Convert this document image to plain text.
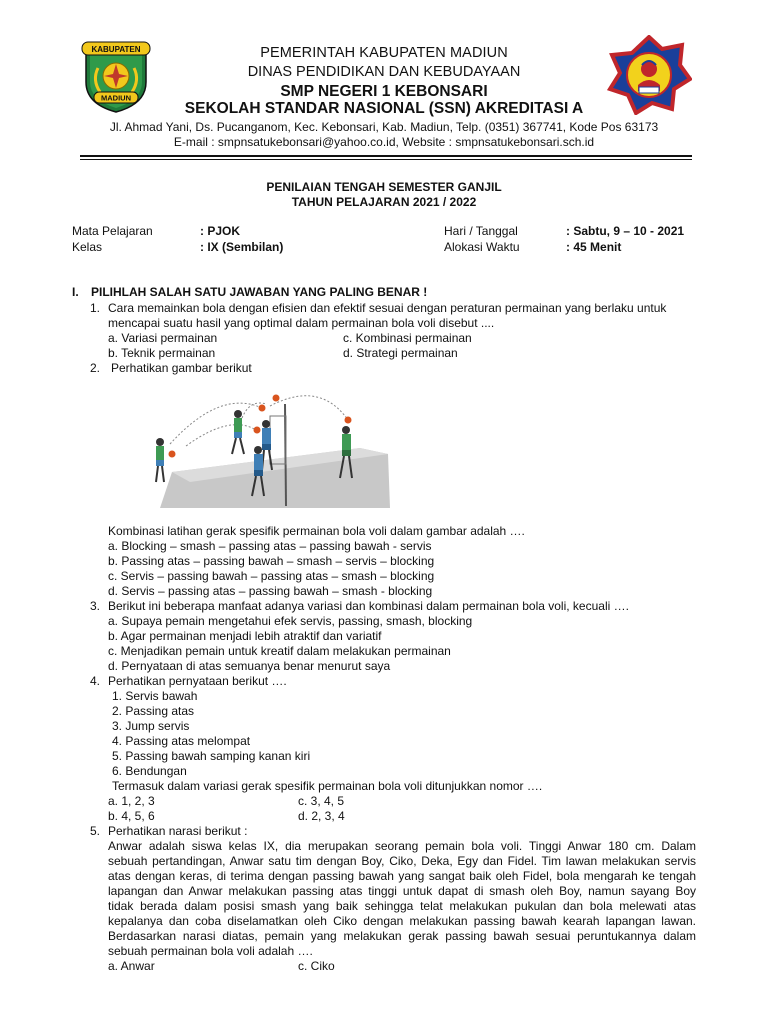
KABUPATEN
MADIUN
PEMERINTAH KABUPATEN MADIUN
DINAS PENDIDIKAN DAN KEBUDAYAAN
SMP NEGERI 1 KEBONSARI
SEKOLAH STANDAR NASIONAL (SSN) AKREDITASI A
Jl. Ahmad Yani, Ds. Pucanganom, Kec. Kebonsari, Kab. Madiun, Telp. (0351) 367741, Kode Pos 63173
E-mail : smpnsatukebonsari@yahoo.co.id, Website : smpnsatukebonsari.sch.id
PENILAIAN TENGAH SEMESTER GANJIL
TAHUN PELAJARAN 2021 / 2022
Mata Pelajaran	: PJOK
Kelas	: IX (Sembilan)
Hari / Tanggal	: Sabtu, 9 – 10 - 2021
Alokasi Waktu	: 45 Menit
I. PILIHLAH SALAH SATU JAWABAN YANG PALING BENAR !
1. Cara memainkan bola dengan efisien dan efektif sesuai dengan peraturan permainan yang berlaku untuk
mencapai suatu hasil yang optimal dalam permainan bola voli disebut ....
a. Variasi permainan	c. Kombinasi permainan
b. Teknik permainan	d. Strategi permainan
2. Perhatikan gambar berikut
Kombinasi latihan gerak spesifik permainan bola voli dalam gambar adalah ….
a. Blocking – smash – passing atas – passing bawah - servis
b. Passing atas – passing bawah – smash – servis – blocking
c. Servis – passing bawah – passing atas – smash – blocking
d. Servis – passing atas – passing bawah – smash - blocking
3. Berikut ini beberapa manfaat adanya variasi dan kombinasi dalam permainan bola voli, kecuali ….
a. Supaya pemain mengetahui efek servis, passing, smash, blocking
b. Agar permainan menjadi lebih atraktif dan variatif
c. Menjadikan pemain untuk kreatif dalam melakukan permainan
d. Pernyataan di atas semuanya benar menurut saya
4. Perhatikan pernyataan berikut ….
1. Servis bawah
2. Passing atas
3. Jump servis
4. Passing atas melompat
5. Passing bawah samping kanan kiri
6. Bendungan
Termasuk dalam variasi gerak spesifik permainan bola voli ditunjukkan nomor ….
a. 1, 2, 3	c. 3, 4, 5
b. 4, 5, 6	d. 2, 3, 4
5. Perhatikan narasi berikut :
Anwar adalah siswa kelas IX, dia merupakan seorang pemain bola voli. Tinggi Anwar 180 cm. Dalam
sebuah pertandingan, Anwar satu tim dengan Boy, Ciko, Deka, Egy dan Fidel. Tim lawan melakukan servis
atas dengan keras, di terima dengan passing bawah yang sangat baik oleh Fidel, bola mengarah ke tengah
lapangan dan Anwar melakukan passing atas tinggi untuk dapat di smash oleh Boy, namun sayang Boy
tidak berada dalam posisi smash yang baik sehingga telat melakukan pukulan dan bola melewati atas
kepalanya dan coba diselamatkan oleh Ciko dengan melakukan passing bawah kearah lapangan lawan.
Berdasarkan narasi diatas, pemain yang melakukan gerak passing bawah sesuai peruntukannya dalam
sebuah permainan bola voli adalah ….
a. Anwar	c. Ciko
